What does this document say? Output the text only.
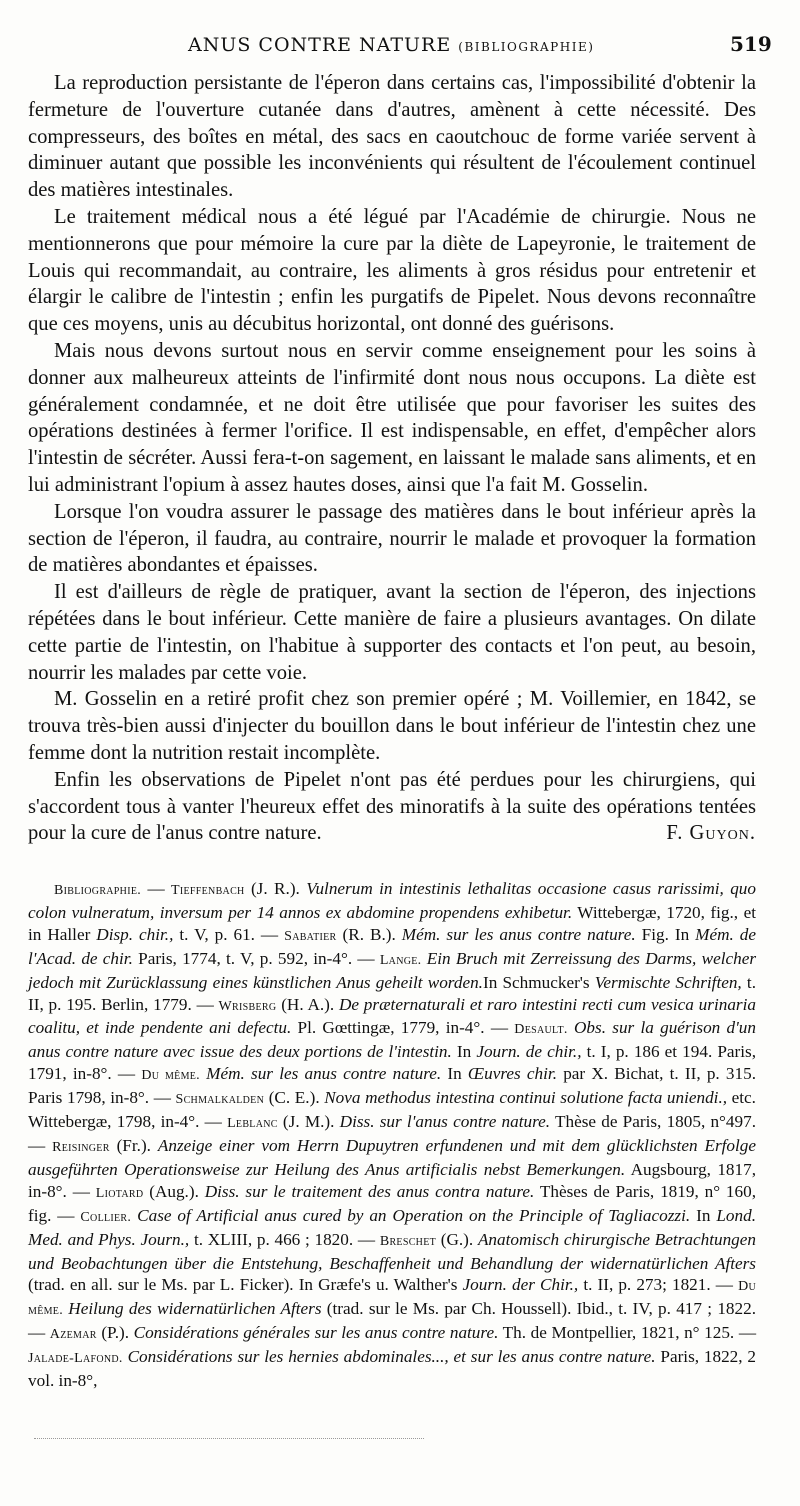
ANUS CONTRE NATURE (BIBLIOGRAPHIE)	519

La reproduction persistante de l'éperon dans certains cas, l'impossibilité d'obtenir la fermeture de l'ouverture cutanée dans d'autres, amènent à cette nécessité. Des compresseurs, des boîtes en métal, des sacs en caoutchouc de forme variée servent à diminuer autant que possible les inconvénients qui résultent de l'écoulement continuel des matières intestinales.

Le traitement médical nous a été légué par l'Académie de chirurgie. Nous ne mentionnerons que pour mémoire la cure par la diète de Lapeyronie, le traitement de Louis qui recommandait, au contraire, les aliments à gros résidus pour entretenir et élargir le calibre de l'intestin ; enfin les purgatifs de Pipelet. Nous devons reconnaître que ces moyens, unis au décubitus horizontal, ont donné des guérisons.

Mais nous devons surtout nous en servir comme enseignement pour les soins à donner aux malheureux atteints de l'infirmité dont nous nous occupons. La diète est généralement condamnée, et ne doit être utilisée que pour favoriser les suites des opérations destinées à fermer l'orifice. Il est indispensable, en effet, d'empêcher alors l'intestin de sécréter. Aussi fera-t-on sagement, en laissant le malade sans aliments, et en lui administrant l'opium à assez hautes doses, ainsi que l'a fait M. Gosselin.

Lorsque l'on voudra assurer le passage des matières dans le bout inférieur après la section de l'éperon, il faudra, au contraire, nourrir le malade et provoquer la formation de matières abondantes et épaisses.

Il est d'ailleurs de règle de pratiquer, avant la section de l'éperon, des injections répétées dans le bout inférieur. Cette manière de faire a plusieurs avantages. On dilate cette partie de l'intestin, on l'habitue à supporter des contacts et l'on peut, au besoin, nourrir les malades par cette voie.

M. Gosselin en a retiré profit chez son premier opéré ; M. Voillemier, en 1842, se trouva très-bien aussi d'injecter du bouillon dans le bout inférieur de l'intestin chez une femme dont la nutrition restait incomplète.

Enfin les observations de Pipelet n'ont pas été perdues pour les chirurgiens, qui s'accordent tous à vanter l'heureux effet des minoratifs à la suite des opérations tentées pour la cure de l'anus contre nature.	F. Guyon.

Bibliographie. — Tieffenbach (J. R.). Vulnerum in intestinis lethalitas occasione casus rarissimi, quo colon vulneratum, inversum per 14 annos ex abdomine propendens exhibetur. Wittebergæ, 1720, fig., et in Haller Disp. chir., t. V, p. 61. — Sabatier (R. B.). Mém. sur les anus contre nature. Fig. In Mém. de l'Acad. de chir. Paris, 1774, t. V, p. 592, in-4°. — Lange. Ein Bruch mit Zerreissung des Darms, welcher jedoch mit Zurücklassung eines künstlichen Anus geheilt worden.In Schmucker's Vermischte Schriften, t. II, p. 195. Berlin, 1779. — Wrisberg (H. A.). De præternaturali et raro intestini recti cum vesica urinaria coalitu, et inde pendente ani defectu. Pl. Gœttingæ, 1779, in-4°. — Desault. Obs. sur la guérison d'un anus contre nature avec issue des deux portions de l'intestin. In Journ. de chir., t. I, p. 186 et 194. Paris, 1791, in-8°. — Du même. Mém. sur les anus contre nature. In Œuvres chir. par X. Bichat, t. II, p. 315. Paris 1798, in-8°. — Schmalkalden (C. E.). Nova methodus intestina continui solutione facta uniendi., etc. Wittebergæ, 1798, in-4°. — Leblanc (J. M.). Diss. sur l'anus contre nature. Thèse de Paris, 1805, n°497. — Reisinger (Fr.). Anzeige einer vom Herrn Dupuytren erfundenen und mit dem glücklichsten Erfolge ausgeführten Operationsweise zur Heilung des Anus artificialis nebst Bemerkungen. Augsbourg, 1817, in-8°. — Liotard (Aug.). Diss. sur le traitement des anus contra nature. Thèses de Paris, 1819, n° 160, fig. — Collier. Case of Artificial anus cured by an Operation on the Principle of Tagliacozzi. In Lond. Med. and Phys. Journ., t. XLIII, p. 466 ; 1820. — Breschet (G.). Anatomisch chirurgische Betrachtungen und Beobachtungen über die Entstehung, Beschaffenheit und Behandlung der widernatürlichen Afters (trad. en all. sur le Ms. par L. Ficker). In Græfe's u. Walther's Journ. der Chir., t. II, p. 273; 1821. — Du même. Heilung des widernatürlichen Afters (trad. sur le Ms. par Ch. Houssell). Ibid., t. IV, p. 417 ; 1822. — Azemar (P.). Considérations générales sur les anus contre nature. Th. de Montpellier, 1821, n° 125. — Jalade-Lafond. Considérations sur les hernies abdominales..., et sur les anus contre nature. Paris, 1822, 2 vol. in-8°,
